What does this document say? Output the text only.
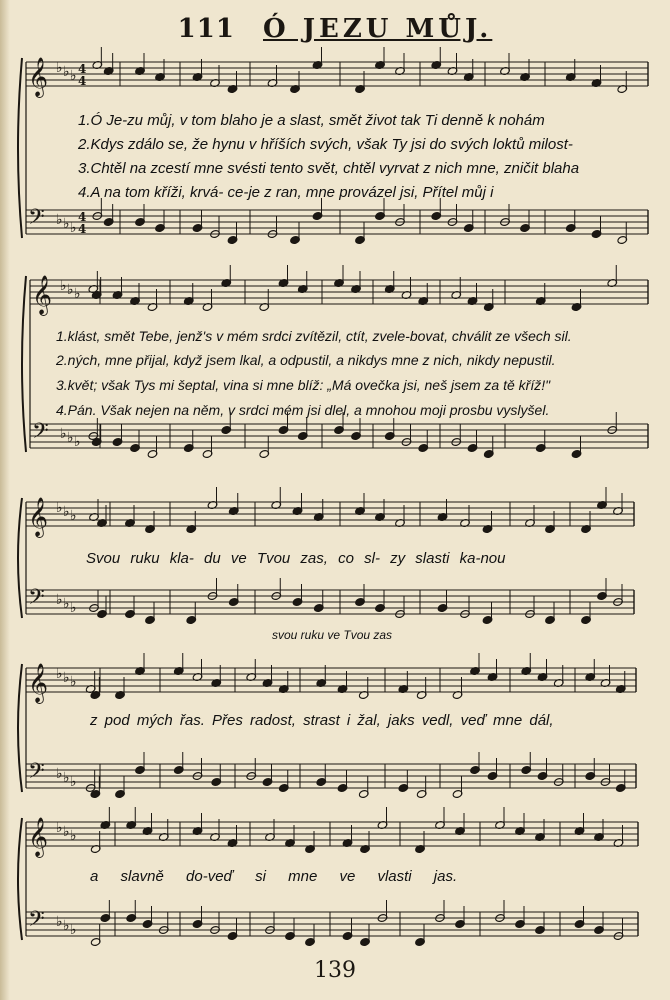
111 Ó JEZU MŮJ.
𝄞 ♭ ♭ ♭
𝄢 ♭ ♭ ♭
𝄞 ♭ ♭ ♭
𝄢 ♭ ♭ ♭
𝄞 ♭ ♭ ♭
𝄢 ♭ ♭ ♭
𝄞 ♭ ♭ ♭
𝄢 ♭ ♭ ♭
𝄞 ♭ ♭ ♭
𝄢 ♭ ♭ ♭
4
4
4
4
1.Ó Je-zu můj, v tom blaho je a slast, smět život tak Ti denně k nohám
2.Kdys zdálo se, že hynu v hříších svých, však Ty jsi do svých loktů milost-
3.Chtěl na zcestí mne svésti tento svět, chtěl vyrvat z nich mne, zničit blaha
4.A na tom kříži, krvá- ce-je z ran, mne provázel jsi, Přítel můj i
1.klást, smět Tebe, jenž's v mém srdci zvítězil, ctít, zvele-bovat, chválit ze všech sil.
2.ných, mne přijal, když jsem lkal, a odpustil, a nikdys mne z nich, nikdy nepustil.
3.květ; však Tys mi šeptal, vina si mne blíž: „Má ovečka jsi, neš jsem za tě kříž!"
4.Pán. Však nejen na něm, v srdci mém jsi dlel, a mnohou moji prosbu vyslyšel.
Svou ruku kla- du ve Tvou zas, co sl- zy slasti ka-nou
svou ruku ve Tvou zas
z pod mých řas. Přes radost, strast i žal, jaks vedl, veď mne dál,
a slavně do-veď si mne ve vlasti jas.
139
